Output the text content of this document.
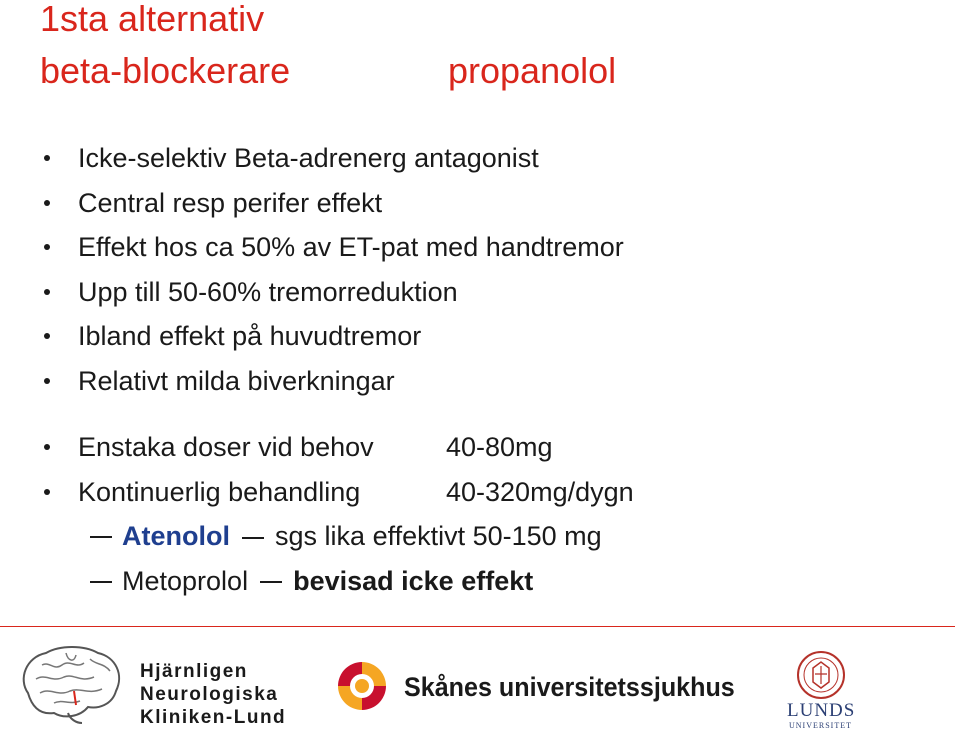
1sta alternativ
beta-blockerare	propanolol
Icke-selektiv Beta-adrenerg antagonist
Central resp perifer effekt
Effekt hos ca 50% av ET-pat med handtremor
Upp till 50-60% tremorreduktion
Ibland effekt på huvudtremor
Relativt milda biverkningar
Enstaka doser vid behov	40-80mg
Kontinuerlig behandling	40-320mg/dygn
Atenolol sgs lika effektivt 50-150 mg
Metoprolol bevisad icke effekt
Hjärnligen
Neurologiska
Kliniken-Lund
Skånes universitetssjukhus
LUNDS
UNIVERSITET
